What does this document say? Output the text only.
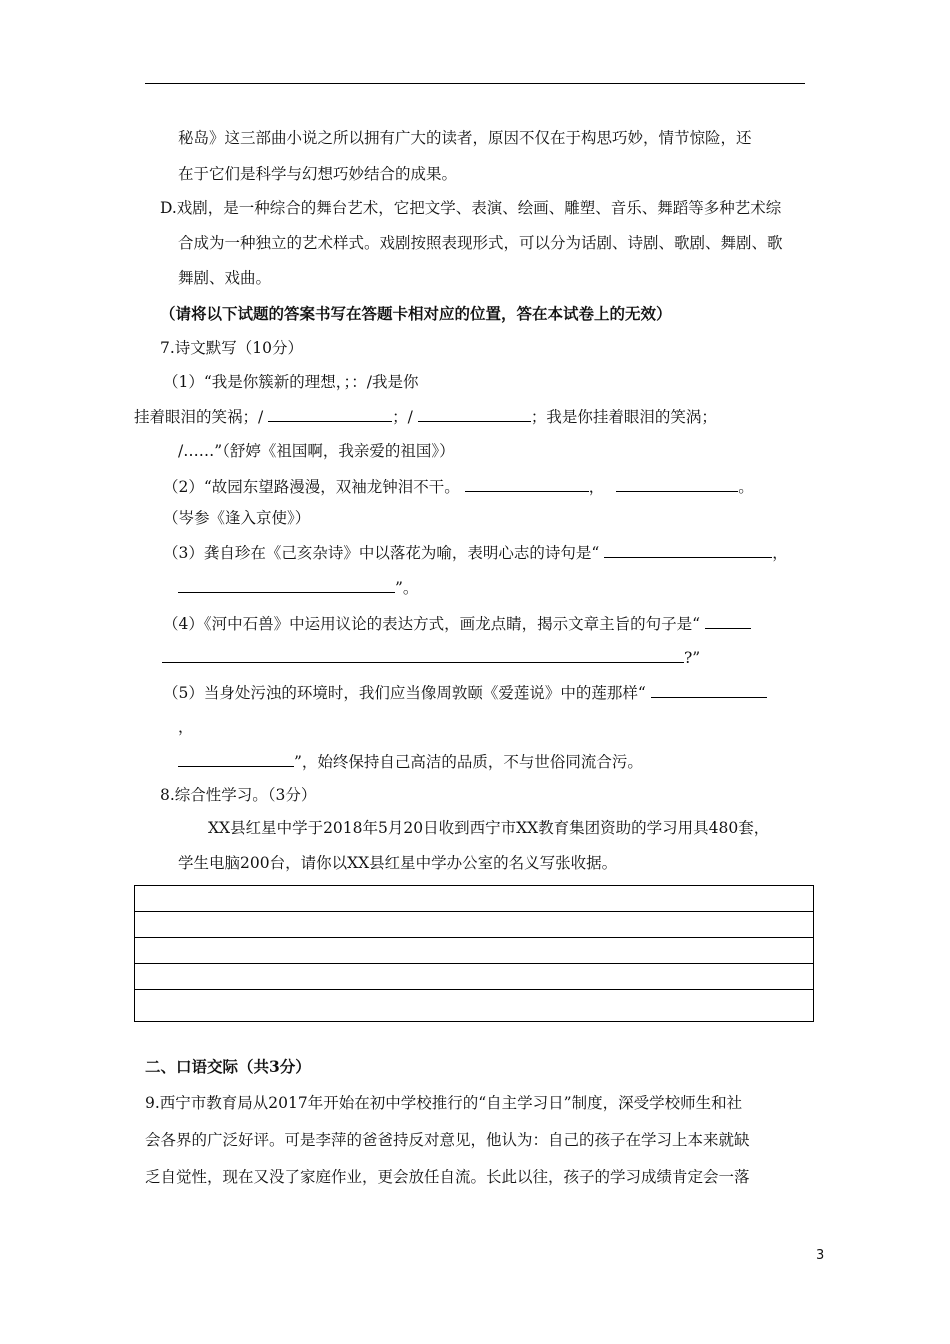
秘岛》这三部曲小说之所以拥有广大的读者，原因不仅在于构思巧妙，情节惊险，还
在于它们是科学与幻想巧妙结合的成果。
D.戏剧，是一种综合的舞台艺术，它把文学、表演、绘画、雕塑、音乐、舞蹈等多种艺术综
合成为一种独立的艺术样式。戏剧按照表现形式，可以分为话剧、诗剧、歌剧、舞剧、歌
舞剧、戏曲。
（请将以下试题的答案书写在答题卡相对应的位置，答在本试卷上的无效）
7.诗文默写（10分）
（1）“我是你簇新的理想，；：/我是你
挂着眼泪的笑祸；/	；/	；我是你挂着眼泪的笑涡；
/……”（舒婷《祖国啊，我亲爱的祖国》）
（2）“故园东望路漫漫，双袖龙钟泪不干。	，	。
（岑参《逢入京使》）
（3）龚自珍在《己亥杂诗》中以落花为喻，表明心志的诗句是“	，
”。
（4）《河中石兽》中运用议论的表达方式，画龙点睛，揭示文章主旨的句子是“
?”
（5）当身处污浊的环境时，我们应当像周敦颐《爱莲说》中的莲那样“
，
”，始终保持自己高洁的品质，不与世俗同流合污。
8.综合性学习。（3分）
XX县红星中学于2018年5月20日收到西宁市XX教育集团资助的学习用具480套，
学生电脑200台，请你以XX县红星中学办公室的名义写张收据。
二、口语交际（共3分）
9.西宁市教育局从2017年开始在初中学校推行的“自主学习日”制度，深受学校师生和社
会各界的广泛好评。可是李萍的爸爸持反对意见，他认为：自己的孩子在学习上本来就缺
乏自觉性，现在又没了家庭作业，更会放任自流。长此以往，孩子的学习成绩肯定会一落
3
